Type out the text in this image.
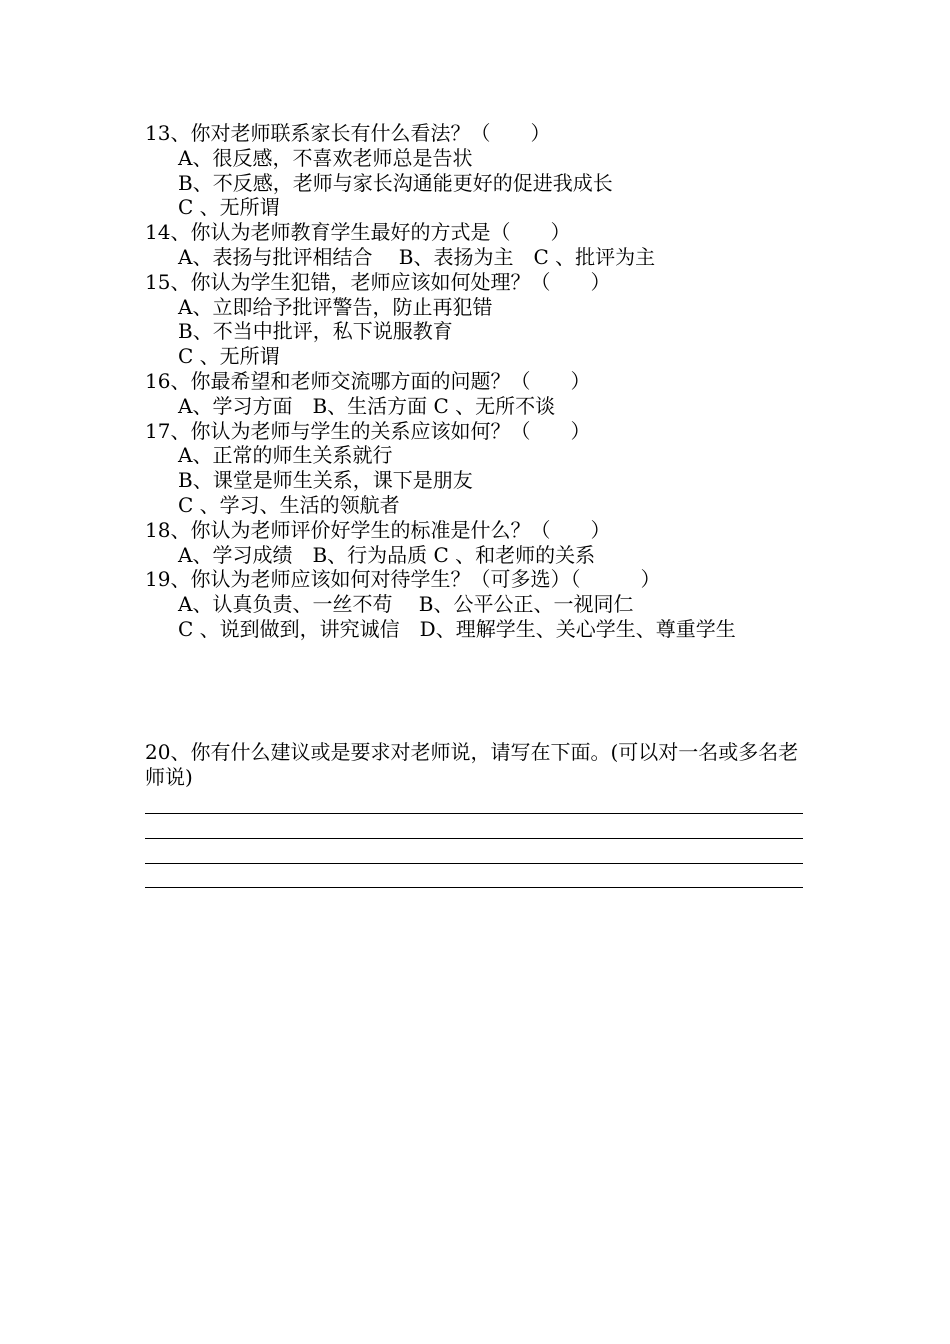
13、你对老师联系家长有什么看法？（　　）
A、很反感，不喜欢老师总是告状
B、不反感，老师与家长沟通能更好的促进我成长
C 、无所谓
14、你认为老师教育学生最好的方式是（　　）
A、表扬与批评相结合　 B、表扬为主　C 、批评为主
15、你认为学生犯错，老师应该如何处理？（　　）
A、立即给予批评警告，防止再犯错
B、不当中批评，私下说服教育
C 、无所谓
16、你最希望和老师交流哪方面的问题？（　　）
A、学习方面　B、生活方面 C 、无所不谈
17、你认为老师与学生的关系应该如何？（　　）
A、正常的师生关系就行
B、课堂是师生关系，课下是朋友
C 、学习、生活的领航者
18、你认为老师评价好学生的标准是什么？（　　）
A、学习成绩　B、行为品质 C 、和老师的关系
19、你认为老师应该如何对待学生？（可多选）（　　　）
A、认真负责、一丝不苟　 B、公平公正、一视同仁
C 、说到做到，讲究诚信　D、理解学生、关心学生、尊重学生
20、你有什么建议或是要求对老师说，请写在下面。(可以对一名或多名老师说)
